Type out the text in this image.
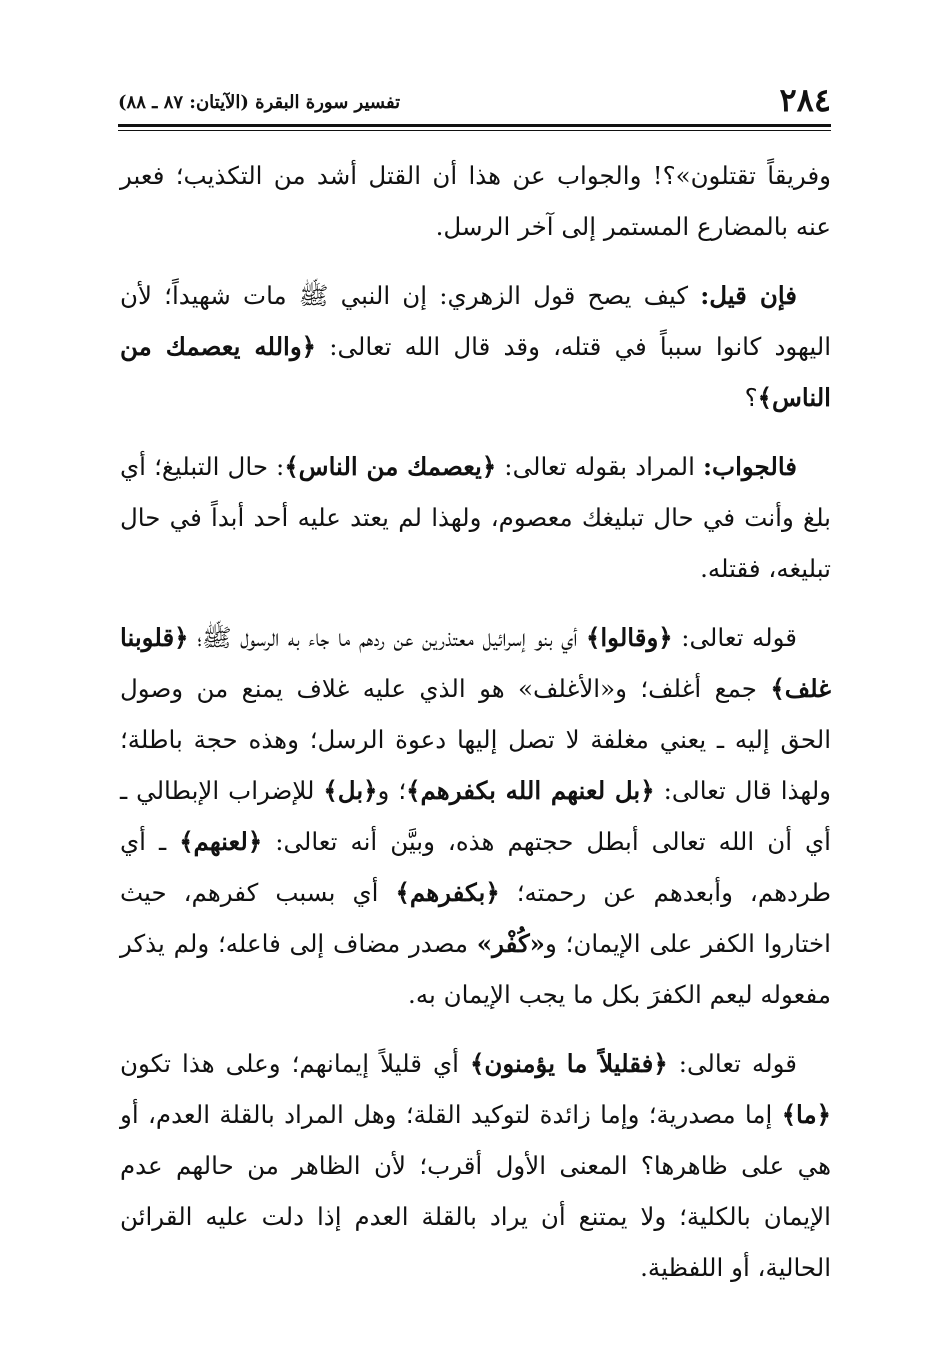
٢٨٤
تفسير سورة البقرة (الآيتان: ٨٧ ـ ٨٨)

وفريقاً تقتلون»؟! والجواب عن هذا أن القتل أشد من التكذيب؛ فعبر عنه بالمضارع المستمر إلى آخر الرسل.

فإن قيل: كيف يصح قول الزهري: إن النبي ﷺ مات شهيداً؛ لأن اليهود كانوا سبباً في قتله، وقد قال الله تعالى: ﴿والله يعصمك من الناس﴾؟

فالجواب: المراد بقوله تعالى: ﴿يعصمك من الناس﴾: حال التبليغ؛ أي بلغ وأنت في حال تبليغك معصوم، ولهذا لم يعتد عليه أحد أبداً في حال تبليغه، فقتله.

قوله تعالى: ﴿وقالوا﴾ أي بنو إسرائيل معتذرين عن ردهم ما جاء به الرسول ﷺ؛ ﴿قلوبنا غلف﴾ جمع أغلف؛ و«الأغلف» هو الذي عليه غلاف يمنع من وصول الحق إليه ـ يعني مغلفة لا تصل إليها دعوة الرسل؛ وهذه حجة باطلة؛ ولهذا قال تعالى: ﴿بل لعنهم الله بكفرهم﴾؛ و﴿بل﴾ للإضراب الإبطالي ـ أي أن الله تعالى أبطل حجتهم هذه، وبيَّن أنه تعالى: ﴿لعنهم﴾ ـ أي طردهم، وأبعدهم عن رحمته؛ ﴿بكفرهم﴾ أي بسبب كفرهم، حيث اختاروا الكفر على الإيمان؛ و«كُفْر» مصدر مضاف إلى فاعله؛ ولم يذكر مفعوله ليعم الكفرَ بكل ما يجب الإيمان به.

قوله تعالى: ﴿فقليلاً ما يؤمنون﴾ أي قليلاً إيمانهم؛ وعلى هذا تكون ﴿ما﴾ إما مصدرية؛ وإما زائدة لتوكيد القلة؛ وهل المراد بالقلة العدم، أو هي على ظاهرها؟ المعنى الأول أقرب؛ لأن الظاهر من حالهم عدم الإيمان بالكلية؛ ولا يمتنع أن يراد بالقلة العدم إذا دلت عليه القرائن الحالية، أو اللفظية.
